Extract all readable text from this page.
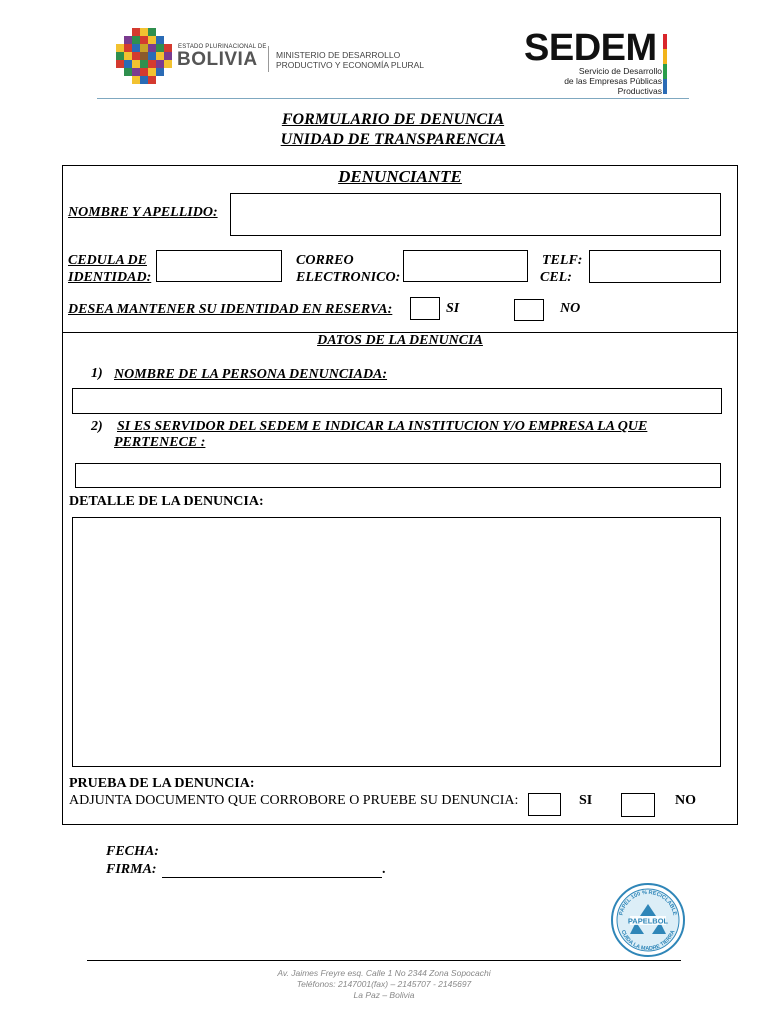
ESTADO PLURINACIONAL DE
BOLIVIA MINISTERIO DE DESARROLLO
PRODUCTIVO Y ECONOMÍA PLURAL	SEDEM
Servicio de Desarrollo
de las Empresas Públicas
Productivas
FORMULARIO DE DENUNCIA
UNIDAD DE TRANSPARENCIA
DENUNCIANTE
NOMBRE Y APELLIDO:
CEDULA DE
IDENTIDAD:
CORREO
ELECTRONICO:
TELF:
CEL:
DESEA MANTENER SU IDENTIDAD EN RESERVA:	SI	NO
DATOS DE LA DENUNCIA
1) NOMBRE DE LA PERSONA DENUNCIADA:
2) SI ES SERVIDOR DEL SEDEM E INDICAR LA INSTITUCION Y/O EMPRESA LA QUE
PERTENECE :
DETALLE DE LA DENUNCIA:
PRUEBA DE LA DENUNCIA:
ADJUNTA DOCUMENTO QUE CORROBORE O PRUEBE SU DENUNCIA:	SI	NO
FECHA:
FIRMA:	.
PAPEL 100 % RECICLABLE
CUIDA LA MADRE TIERRA
PAPELBOL
Av. Jaimes Freyre esq. Calle 1 No 2344 Zona Sopocachi
Teléfonos: 2147001(fax) – 2145707 - 2145697
La Paz – Bolivia
